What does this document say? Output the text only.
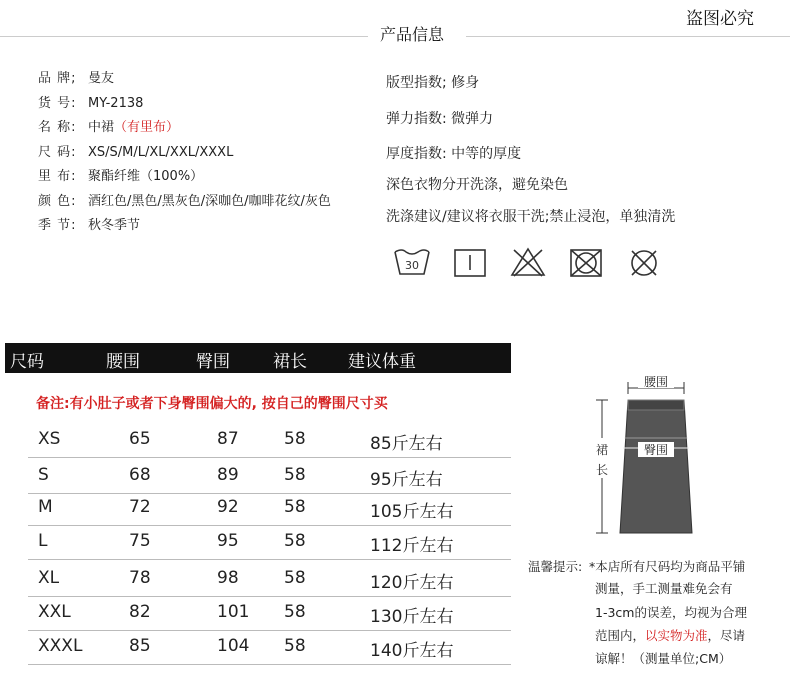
盗图必究
产品信息
品 牌; 曼友
货 号: MY-2138
名 称: 中裙（有里布）
尺 码: XS/S/M/L/XL/XXL/XXXL
里 布: 聚酯纤维（100%）
颜 色: 酒红色/黑色/黑灰色/深咖色/咖啡花纹/灰色
季 节: 秋冬季节
版型指数; 修身
弹力指数: 微弹力
厚度指数: 中等的厚度
深色衣物分开洗涤，避免染色
洗涤建议/建议将衣服干洗;禁止浸泡，单独清洗
30
尺码	腰围	臀围	裙长 建议体重
备注:有小肚子或者下身臀围偏大的, 按自己的臀围尺寸买
XS	65	87	58	85斤左右
S	68	89	58	95斤左右
M	72	92	58	105斤左右
L	75	95	58	112斤左右
XL	78	98	58	120斤左右
XXL	82	101 58	130斤左右
XXXL	85	104 58	140斤左右
腰围
臀围
裙
长
温馨提示: *本店所有尺码均为商品平铺
测量，手工测量难免会有
1-3cm的误差，均视为合理
范围内，以实物为准，尽请
谅解！（测量单位;CM）
